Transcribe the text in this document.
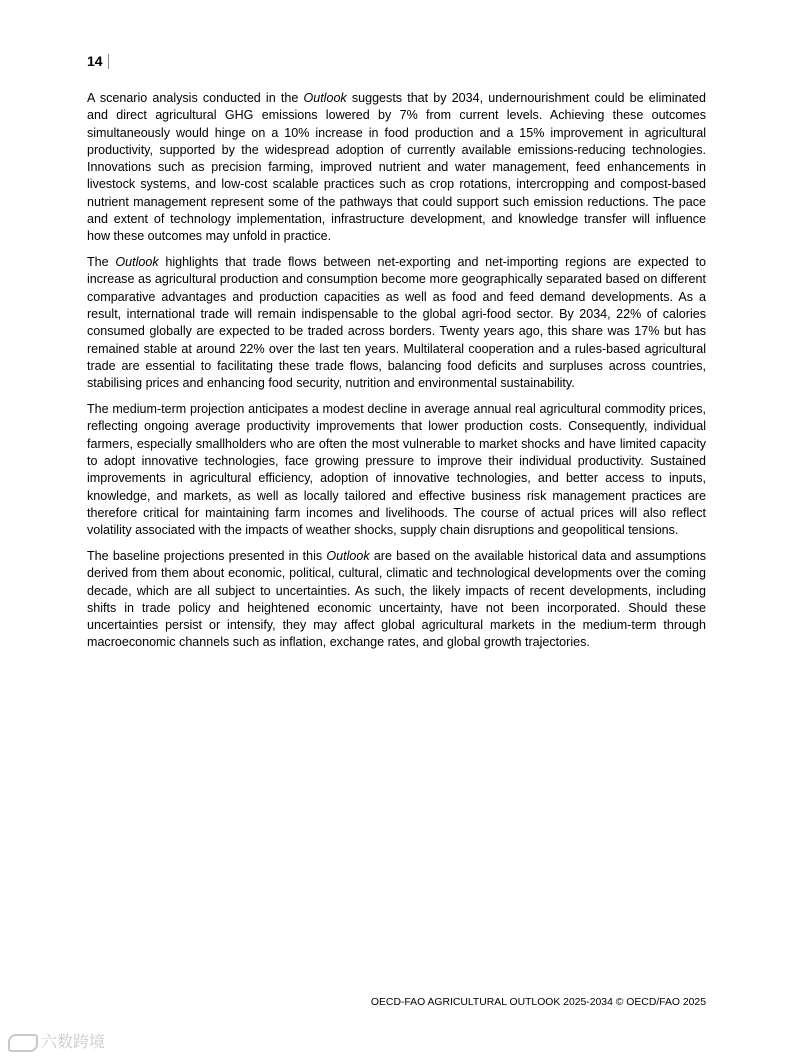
14

A scenario analysis conducted in the Outlook suggests that by 2034, undernourishment could be eliminated and direct agricultural GHG emissions lowered by 7% from current levels. Achieving these outcomes simultaneously would hinge on a 10% increase in food production and a 15% improvement in agricultural productivity, supported by the widespread adoption of currently available emissions-reducing technologies. Innovations such as precision farming, improved nutrient and water management, feed enhancements in livestock systems, and low-cost scalable practices such as crop rotations, intercropping and compost-based nutrient management represent some of the pathways that could support such emission reductions. The pace and extent of technology implementation, infrastructure development, and knowledge transfer will influence how these outcomes may unfold in practice.

The Outlook highlights that trade flows between net-exporting and net-importing regions are expected to increase as agricultural production and consumption become more geographically separated based on different comparative advantages and production capacities as well as food and feed demand developments. As a result, international trade will remain indispensable to the global agri-food sector. By 2034, 22% of calories consumed globally are expected to be traded across borders. Twenty years ago, this share was 17% but has remained stable at around 22% over the last ten years. Multilateral cooperation and a rules-based agricultural trade are essential to facilitating these trade flows, balancing food deficits and surpluses across countries, stabilising prices and enhancing food security, nutrition and environmental sustainability.

The medium-term projection anticipates a modest decline in average annual real agricultural commodity prices, reflecting ongoing average productivity improvements that lower production costs. Consequently, individual farmers, especially smallholders who are often the most vulnerable to market shocks and have limited capacity to adopt innovative technologies, face growing pressure to improve their individual productivity. Sustained improvements in agricultural efficiency, adoption of innovative technologies, and better access to inputs, knowledge, and markets, as well as locally tailored and effective business risk management practices are therefore critical for maintaining farm incomes and livelihoods. The course of actual prices will also reflect volatility associated with the impacts of weather shocks, supply chain disruptions and geopolitical tensions.

The baseline projections presented in this Outlook are based on the available historical data and assumptions derived from them about economic, political, cultural, climatic and technological developments over the coming decade, which are all subject to uncertainties. As such, the likely impacts of recent developments, including shifts in trade policy and heightened economic uncertainty, have not been incorporated. Should these uncertainties persist or intensify, they may affect global agricultural markets in the medium-term through macroeconomic channels such as inflation, exchange rates, and global growth trajectories.

OECD-FAO AGRICULTURAL OUTLOOK 2025-2034 © OECD/FAO 2025
六数跨境
